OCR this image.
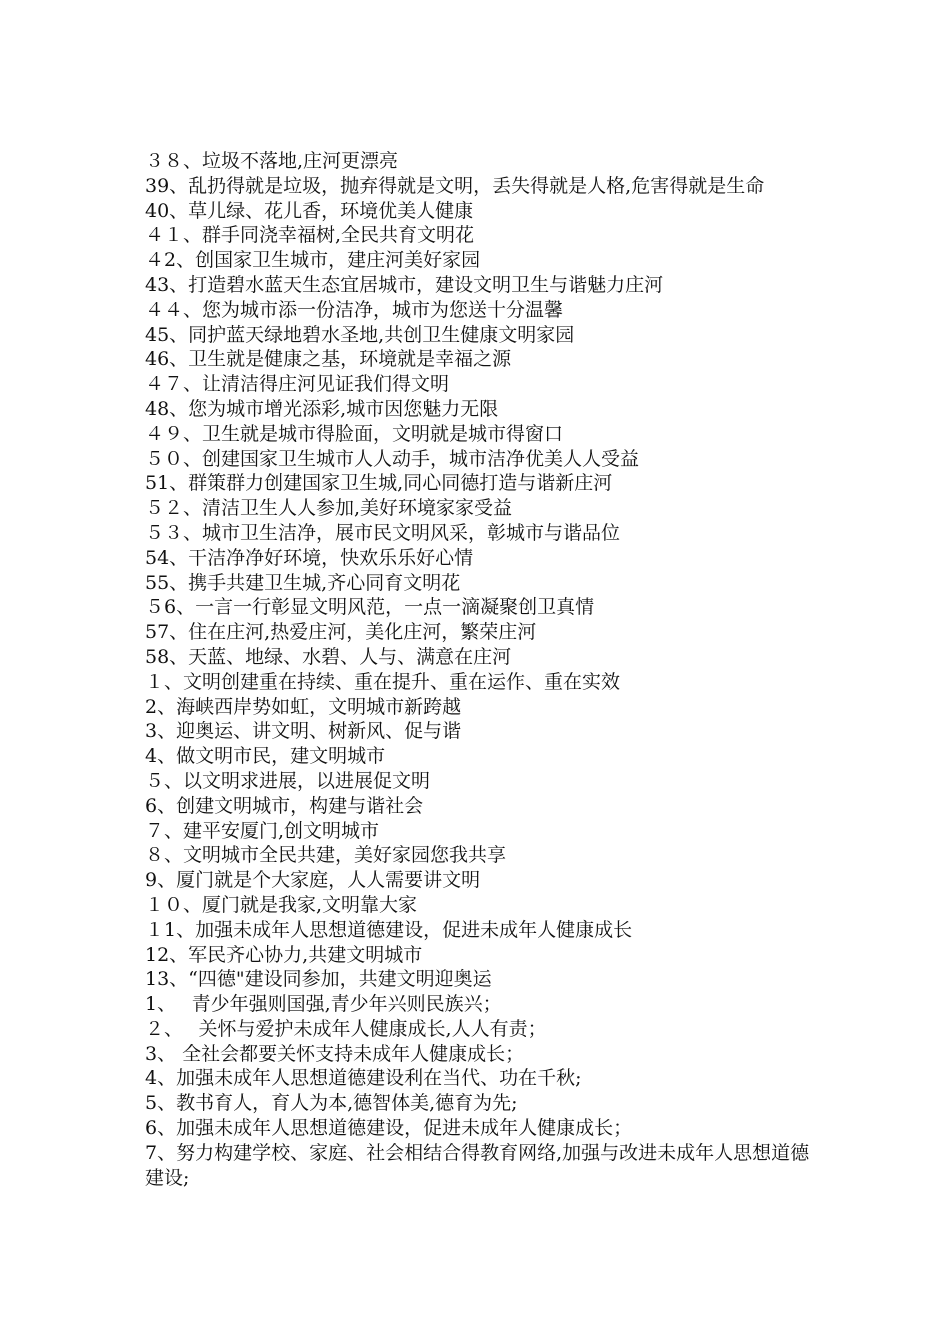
３８、垃圾不落地,庄河更漂亮

39、乱扔得就是垃圾，抛弃得就是文明，丢失得就是人格,危害得就是生命

40、草儿绿、花儿香，环境优美人健康

４１、群手同浇幸福树,全民共育文明花

４2、创国家卫生城市，建庄河美好家园

43、打造碧水蓝天生态宜居城市，建设文明卫生与谐魅力庄河

４４、您为城市添一份洁净，城市为您送十分温馨

45、同护蓝天绿地碧水圣地,共创卫生健康文明家园

46、卫生就是健康之基，环境就是幸福之源

４７、让清洁得庄河见证我们得文明

48、您为城市增光添彩,城市因您魅力无限

４９、卫生就是城市得脸面，文明就是城市得窗口

５０、创建国家卫生城市人人动手，城市洁净优美人人受益

51、群策群力创建国家卫生城,同心同德打造与谐新庄河

５２、清洁卫生人人参加,美好环境家家受益

５３、城市卫生洁净，展市民文明风采，彰城市与谐品位

54、干洁净净好环境，快欢乐乐好心情

55、携手共建卫生城,齐心同育文明花

５6、一言一行彰显文明风范，一点一滴凝聚创卫真情

57、住在庄河,热爱庄河，美化庄河，繁荣庄河

58、天蓝、地绿、水碧、人与、满意在庄河

１、文明创建重在持续、重在提升、重在运作、重在实效

2、海峡西岸势如虹，文明城市新跨越

3、迎奥运、讲文明、树新风、促与谐

4、做文明市民，建文明城市

５、以文明求进展，以进展促文明

6、创建文明城市，构建与谐社会

７、建平安厦门,创文明城市

８、文明城市全民共建，美好家园您我共享

9、厦门就是个大家庭，人人需要讲文明

１０、厦门就是我家,文明靠大家

１1、加强未成年人思想道德建设，促进未成年人健康成长

12、军民齐心协力,共建文明城市

13、“四德"建设同参加，共建文明迎奥运

1、　 青少年强则国强,青少年兴则民族兴；

２、　 关怀与爱护未成年人健康成长,人人有责；

3、 全社会都要关怀支持未成年人健康成长；

4、加强未成年人思想道德建设利在当代、功在千秋;

5、教书育人，育人为本,德智体美,德育为先;

6、加强未成年人思想道德建设，促进未成年人健康成长；

7、努力构建学校、家庭、社会相结合得教育网络,加强与改进未成年人思想道德建设;
